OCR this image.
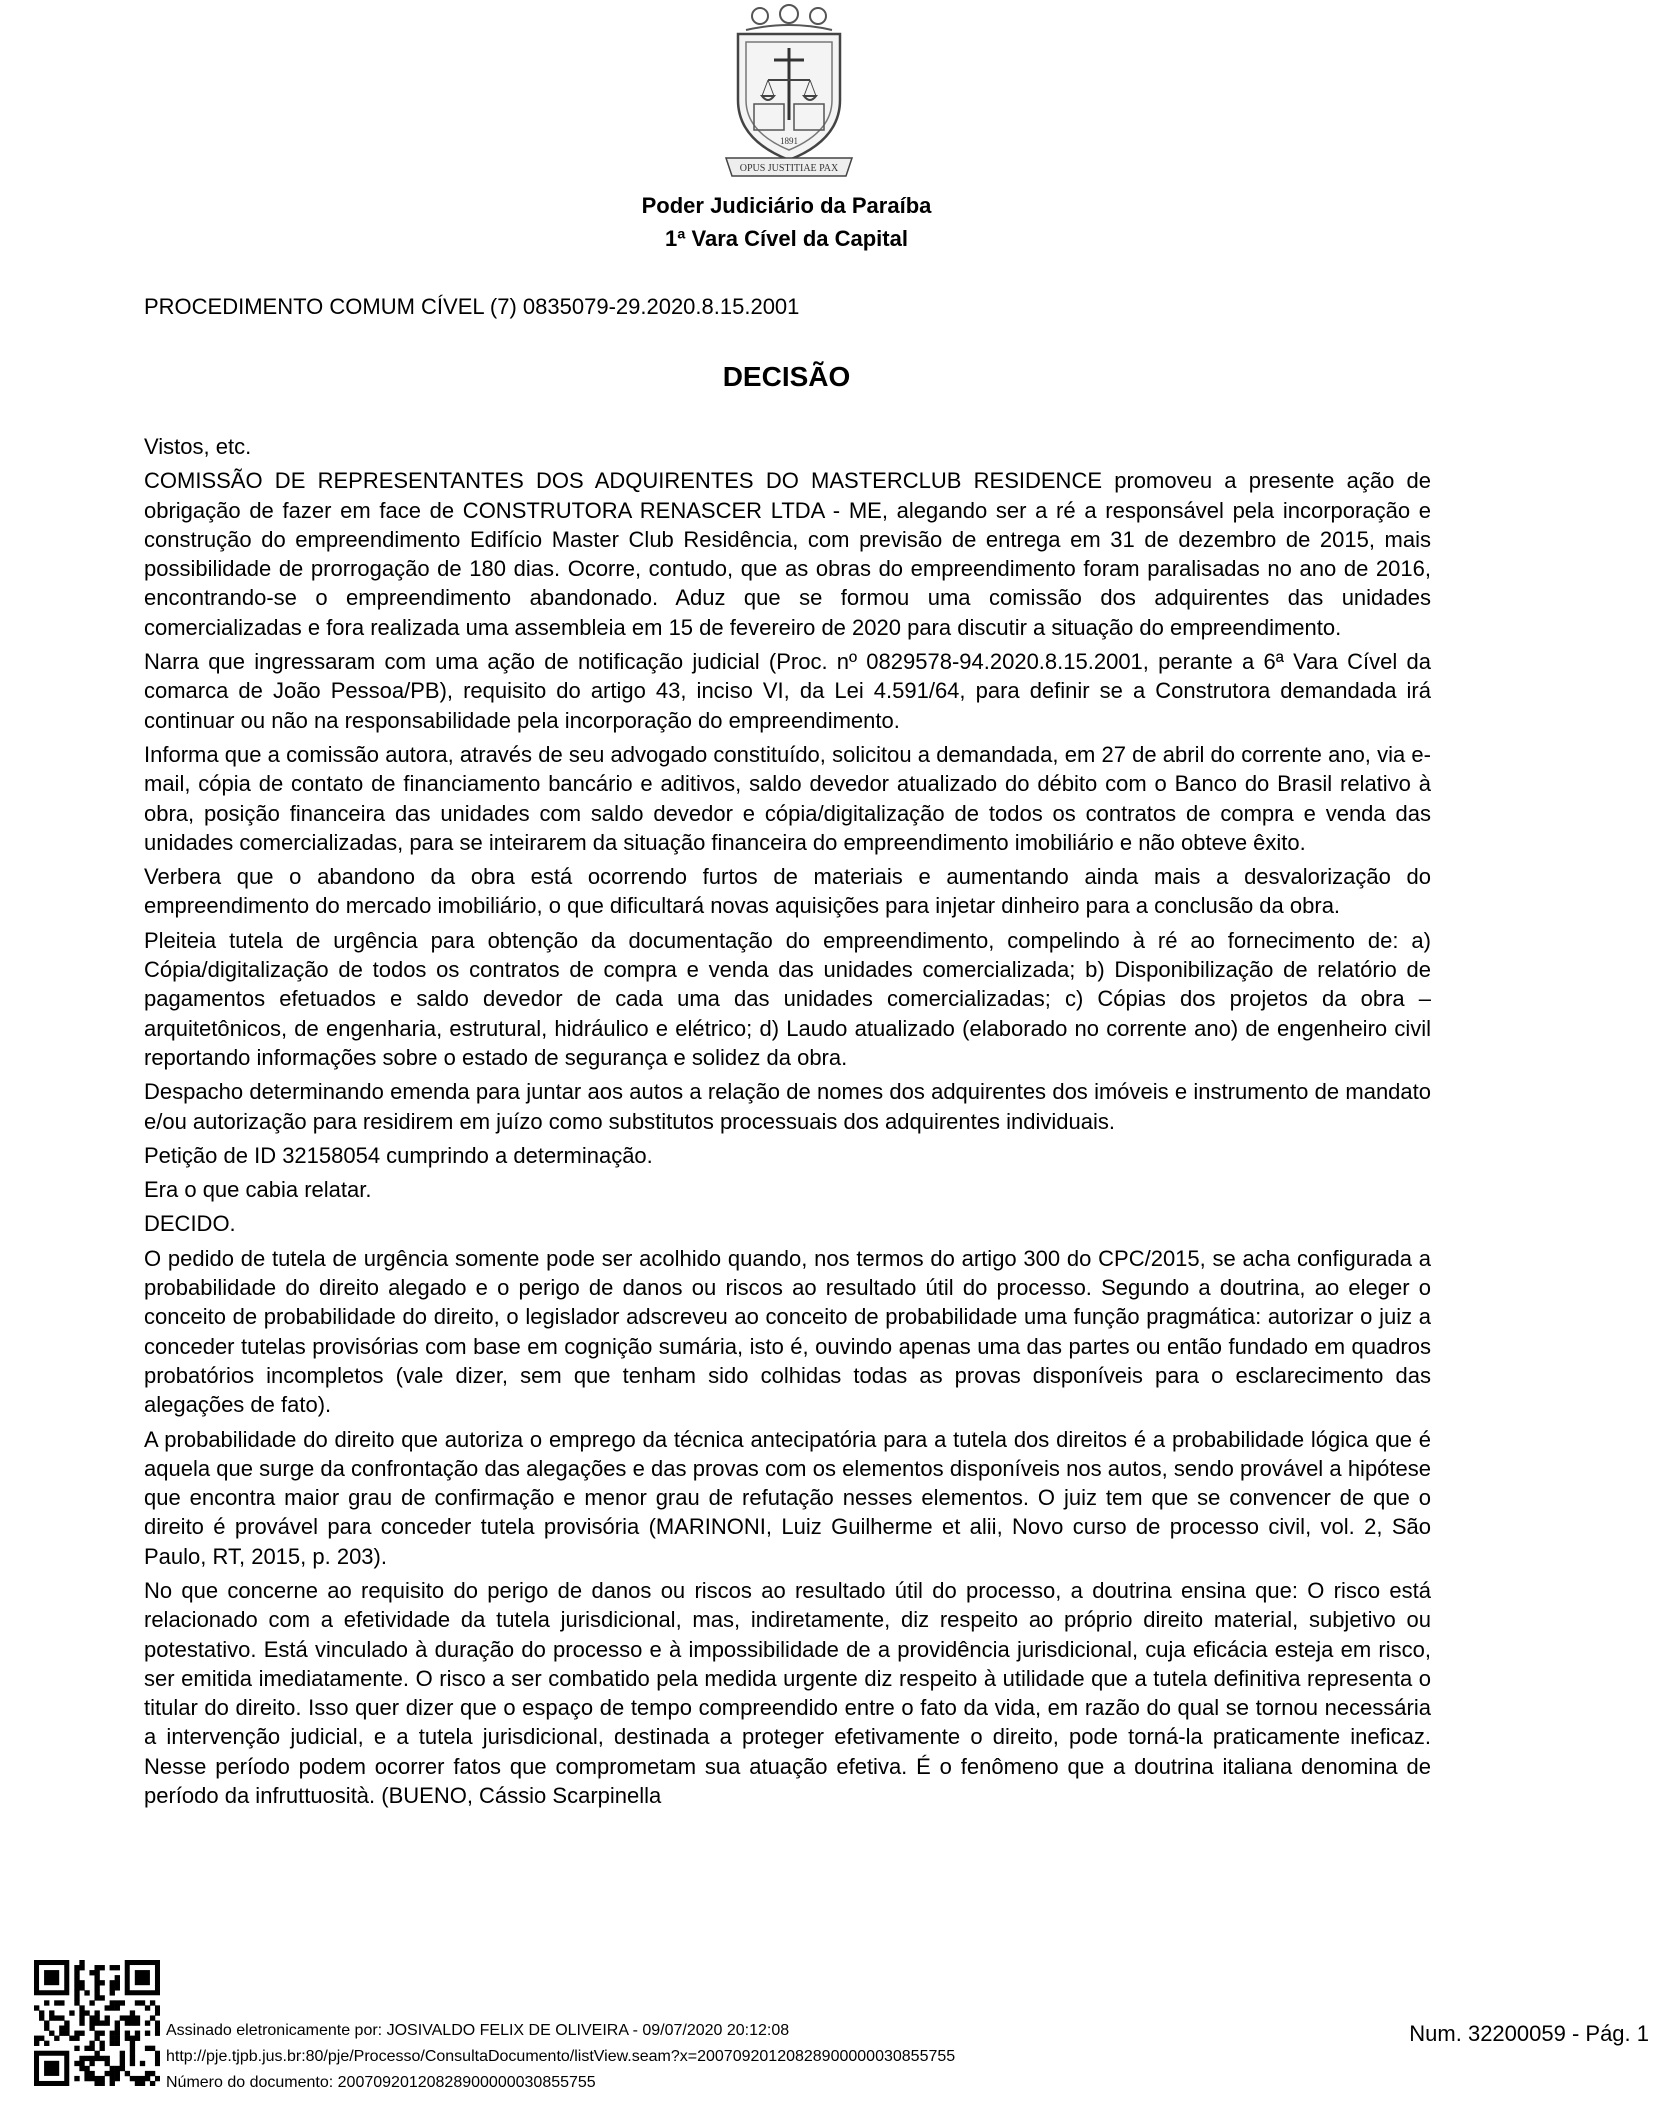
1891
OPUS JUSTITIAE PAX
Poder Judiciário da Paraíba
1ª Vara Cível da Capital
PROCEDIMENTO COMUM CÍVEL (7) 0835079-29.2020.8.15.2001
DECISÃO

Vistos, etc.

COMISSÃO DE REPRESENTANTES DOS ADQUIRENTES DO MASTERCLUB RESIDENCE promoveu a presente ação de obrigação de fazer em face de CONSTRUTORA RENASCER LTDA - ME, alegando ser a ré a responsável pela incorporação e construção do empreendimento Edifício Master Club Residência, com previsão de entrega em 31 de dezembro de 2015, mais possibilidade de prorrogação de 180 dias. Ocorre, contudo, que as obras do empreendimento foram paralisadas no ano de 2016, encontrando-se o empreendimento abandonado. Aduz que se formou uma comissão dos adquirentes das unidades comercializadas e fora realizada uma assembleia em 15 de fevereiro de 2020 para discutir a situação do empreendimento.

Narra que ingressaram com uma ação de notificação judicial (Proc. nº 0829578-94.2020.8.15.2001, perante a 6ª Vara Cível da comarca de João Pessoa/PB), requisito do artigo 43, inciso VI, da Lei 4.591/64, para definir se a Construtora demandada irá continuar ou não na responsabilidade pela incorporação do empreendimento.

Informa que a comissão autora, através de seu advogado constituído, solicitou a demandada, em 27 de abril do corrente ano, via e-mail, cópia de contato de financiamento bancário e aditivos, saldo devedor atualizado do débito com o Banco do Brasil relativo à obra, posição financeira das unidades com saldo devedor e cópia/digitalização de todos os contratos de compra e venda das unidades comercializadas, para se inteirarem da situação financeira do empreendimento imobiliário e não obteve êxito.

Verbera que o abandono da obra está ocorrendo furtos de materiais e aumentando ainda mais a desvalorização do empreendimento do mercado imobiliário, o que dificultará novas aquisições para injetar dinheiro para a conclusão da obra.

Pleiteia tutela de urgência para obtenção da documentação do empreendimento, compelindo à ré ao fornecimento de: a) Cópia/digitalização de todos os contratos de compra e venda das unidades comercializada; b) Disponibilização de relatório de pagamentos efetuados e saldo devedor de cada uma das unidades comercializadas; c) Cópias dos projetos da obra – arquitetônicos, de engenharia, estrutural, hidráulico e elétrico; d) Laudo atualizado (elaborado no corrente ano) de engenheiro civil reportando informações sobre o estado de segurança e solidez da obra.

Despacho determinando emenda para juntar aos autos a relação de nomes dos adquirentes dos imóveis e instrumento de mandato e/ou autorização para residirem em juízo como substitutos processuais dos adquirentes individuais.

Petição de ID 32158054 cumprindo a determinação.

Era o que cabia relatar.

DECIDO.

O pedido de tutela de urgência somente pode ser acolhido quando, nos termos do artigo 300 do CPC/2015, se acha configurada a probabilidade do direito alegado e o perigo de danos ou riscos ao resultado útil do processo. Segundo a doutrina, ao eleger o conceito de probabilidade do direito, o legislador adscreveu ao conceito de probabilidade uma função pragmática: autorizar o juiz a conceder tutelas provisórias com base em cognição sumária, isto é, ouvindo apenas uma das partes ou então fundado em quadros probatórios incompletos (vale dizer, sem que tenham sido colhidas todas as provas disponíveis para o esclarecimento das alegações de fato).

A probabilidade do direito que autoriza o emprego da técnica antecipatória para a tutela dos direitos é a probabilidade lógica que é aquela que surge da confrontação das alegações e das provas com os elementos disponíveis nos autos, sendo provável a hipótese que encontra maior grau de confirmação e menor grau de refutação nesses elementos. O juiz tem que se convencer de que o direito é provável para conceder tutela provisória (MARINONI, Luiz Guilherme et alii, Novo curso de processo civil, vol. 2, São Paulo, RT, 2015, p. 203).

No que concerne ao requisito do perigo de danos ou riscos ao resultado útil do processo, a doutrina ensina que: O risco está relacionado com a efetividade da tutela jurisdicional, mas, indiretamente, diz respeito ao próprio direito material, subjetivo ou potestativo. Está vinculado à duração do processo e à impossibilidade de a providência jurisdicional, cuja eficácia esteja em risco, ser emitida imediatamente. O risco a ser combatido pela medida urgente diz respeito à utilidade que a tutela definitiva representa o titular do direito. Isso quer dizer que o espaço de tempo compreendido entre o fato da vida, em razão do qual se tornou necessária a intervenção judicial, e a tutela jurisdicional, destinada a proteger efetivamente o direito, pode torná-la praticamente ineficaz. Nesse período podem ocorrer fatos que comprometam sua atuação efetiva. É o fenômeno que a doutrina italiana denomina de período da infruttuosità. (BUENO, Cássio Scarpinella

Assinado eletronicamente por: JOSIVALDO FELIX DE OLIVEIRA - 09/07/2020 20:12:08
http://pje.tjpb.jus.br:80/pje/Processo/ConsultaDocumento/listView.seam?x=20070920120828900000030855755
Número do documento: 20070920120828900000030855755
Num. 32200059 - Pág. 1
